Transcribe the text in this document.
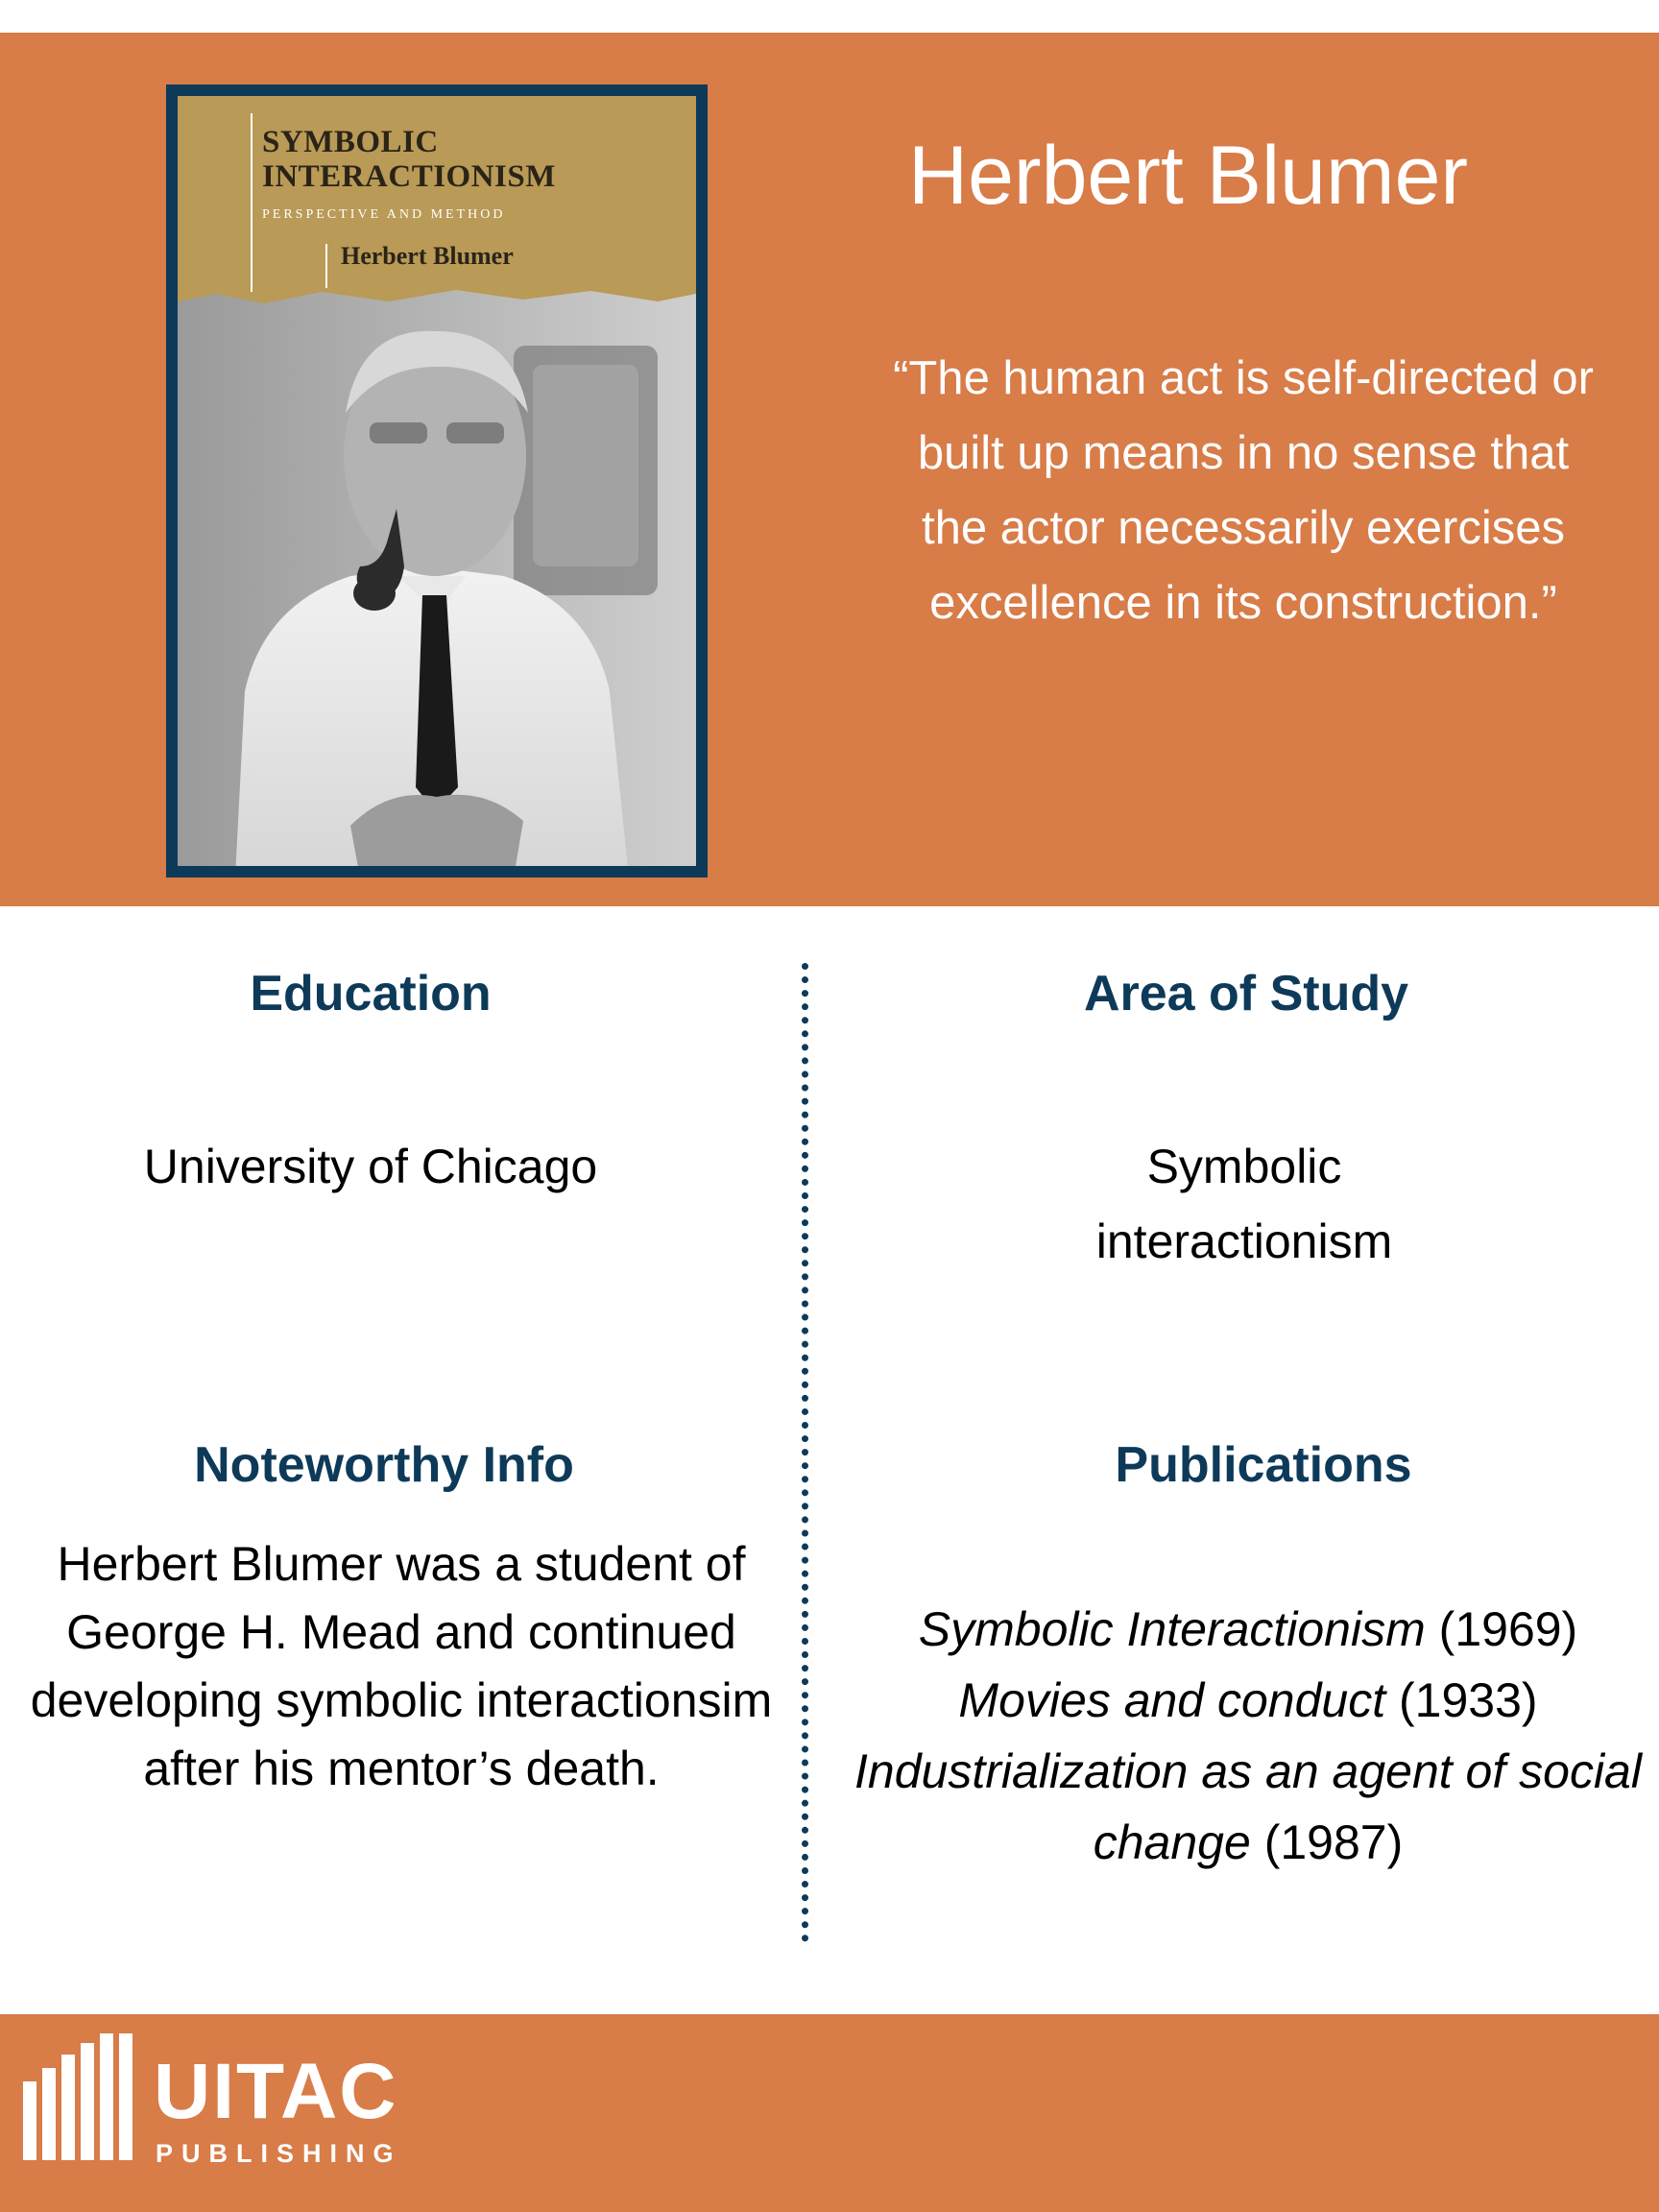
SYMBOLIC
INTERACTIONISM

PERSPECTIVE AND METHOD
Herbert Blumer
Herbert Blumer

“The human act is self-directed or built up means in no sense that the actor necessarily exercises excellence in its construction.”

Education

University of Chicago

Area of Study

Symbolic interactionism

Noteworthy Info

Herbert Blumer was a student of George H. Mead and continued developing symbolic interactionsim after his mentor’s death.

Publications
Symbolic Interactionism (1969)
Movies and conduct (1933)
Industrialization as an agent of social change (1987)

UITAC

PUBLISHING
